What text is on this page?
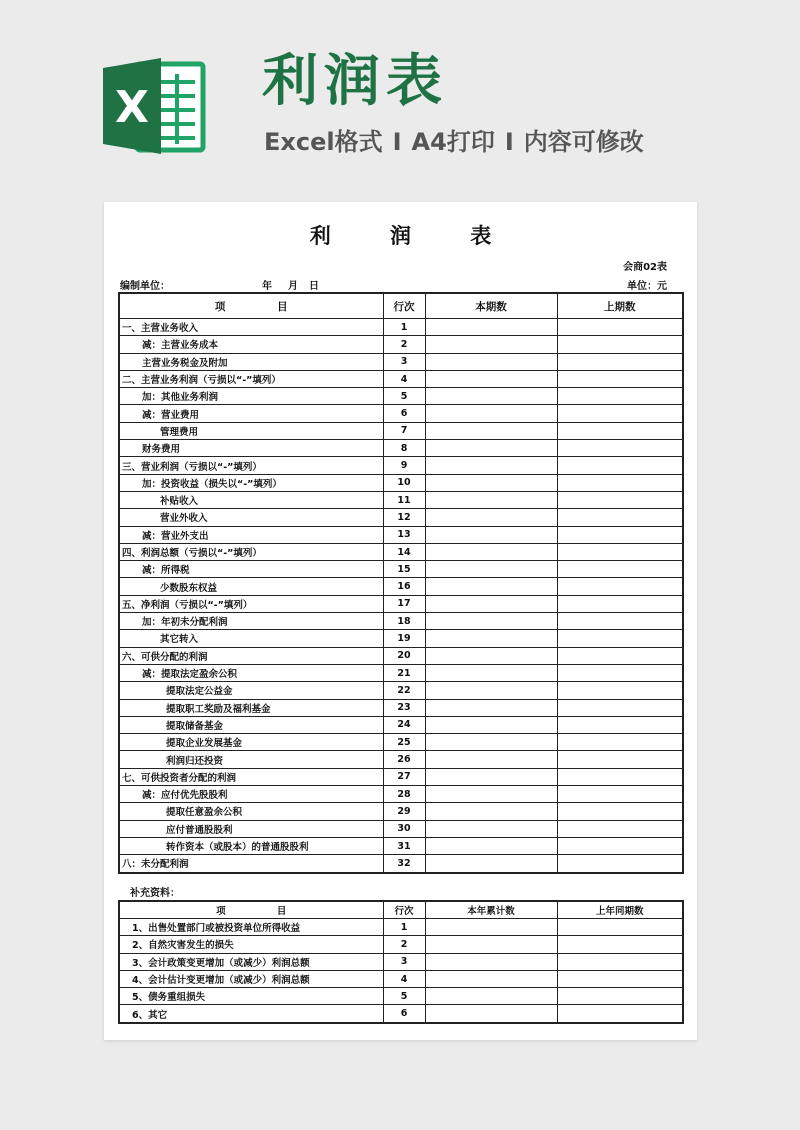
X 利润表
Excel格式 I A4打印 I 内容可修改
利 润 表
会商02表
单位：元
编制单位：	年 月 日
项 目	行次	本期数	上期数
一、主营业务收入	1		
减：主营业务成本	2		
主营业务税金及附加	3		
二、主营业务利润（亏损以“-”填列）	4		
加：其他业务利润	5		
减：营业费用	6		
管理费用	7		
财务费用	8		
三、营业利润（亏损以“-”填列）	9		
加：投资收益（损失以“-”填列）	10		
补贴收入	11		
营业外收入	12		
减：营业外支出	13		
四、利润总额（亏损以“-”填列）	14		
减：所得税	15		
少数股东权益	16		
五、净利润（亏损以“-”填列）	17		
加：年初未分配利润	18		
其它转入	19		
六、可供分配的利润	20		
减：提取法定盈余公积	21		
提取法定公益金	22		
提取职工奖励及福利基金	23		
提取储备基金	24		
提取企业发展基金	25		
利润归还投资	26		
七、可供投资者分配的利润	27		
减：应付优先股股利	28		
提取任意盈余公积	29		
应付普通股股利	30		
转作资本（或股本）的普通股股利	31		
八：未分配利润	32		
补充资料：
项 目	行次	本年累计数	上年同期数
1、出售处置部门或被投资单位所得收益	1		
2、自然灾害发生的损失	2		
3、会计政策变更增加（或减少）利润总额	3		
4、会计估计变更增加（或减少）利润总额	4		
5、债务重组损失	5		
6、其它	6		
